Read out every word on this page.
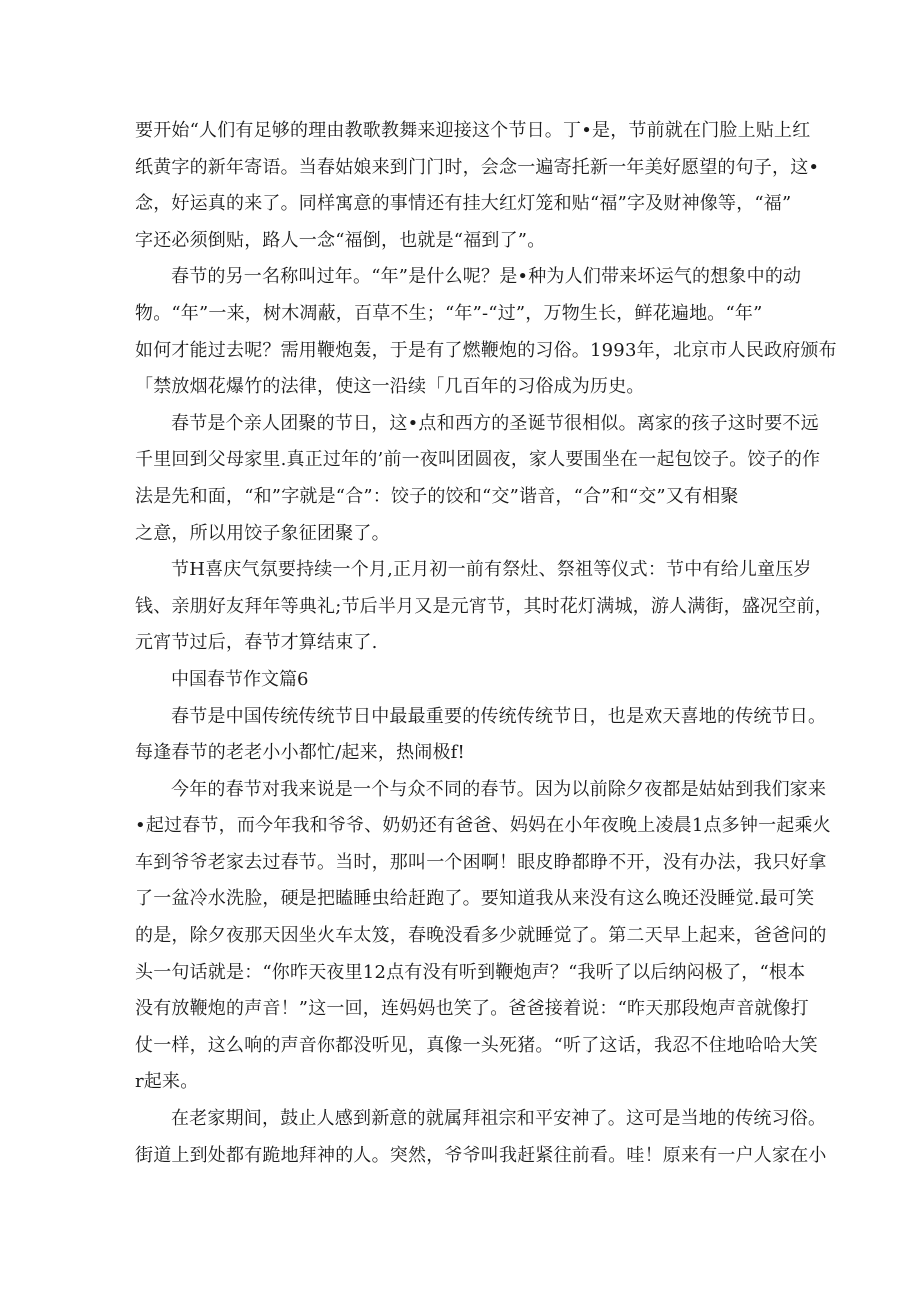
要开始“人们有足够的理由教歌教舞来迎接这个节日。丁•是，节前就在门脸上贴上红
纸黄字的新年寄语。当春姑娘来到门门时，会念一遍寄托新一年美好愿望的句子，这•
念，好运真的来了。同样寓意的事情还有挂大红灯笼和贴“福”字及财神像等，“福”
字还必须倒贴，路人一念“福倒，也就是“福到了”。
春节的另一名称叫过年。“年”是什么呢？是•种为人们带来坏运气的想象中的动
物。“年”一来，树木凋蔽，百草不生；“年”-“过”，万物生长，鲜花遍地。“年”
如何才能过去呢？需用鞭炮轰，于是有了燃鞭炮的习俗。1993年，北京市人民政府颁布
「禁放烟花爆竹的法律，使这一沿续「几百年的习俗成为历史。
春节是个亲人团聚的节日，这•点和西方的圣诞节很相似。离家的孩子这时要不远
千里回到父母家里.真正过年的’前一夜叫团圆夜，家人要围坐在一起包饺子。饺子的作
法是先和面，“和”字就是“合”：饺子的饺和“交”谐音，“合”和“交”又有相聚
之意，所以用饺子象征团聚了。
节H喜庆气氛要持续一个月,正月初一前有祭灶、祭祖等仪式：节中有给儿童压岁
钱、亲朋好友拜年等典礼;节后半月又是元宵节，其时花灯满城，游人满街，盛况空前，
元宵节过后，春节才算结束了.
中国春节作文篇6
春节是中国传统传统节日中最最重要的传统传统节日，也是欢天喜地的传统节日。
每逢春节的老老小小都忙/起来，热闹极f!
今年的春节对我来说是一个与众不同的春节。因为以前除夕夜都是姑姑到我们家来
•起过春节，而今年我和爷爷、奶奶还有爸爸、妈妈在小年夜晚上凌晨1点多钟一起乘火
车到爷爷老家去过春节。当时，那叫一个困啊！眼皮睁都睁不开，没有办法，我只好拿
了一盆冷水洗脸，硬是把瞌睡虫给赶跑了。要知道我从来没有这么晚还没睡觉.最可笑
的是，除夕夜那天因坐火车太笈，春晚没看多少就睡觉了。第二天早上起来，爸爸问的
头一句话就是：“你昨天夜里12点有没有听到鞭炮声？“我听了以后纳闷极了，“根本
没有放鞭炮的声音！”这一回，连妈妈也笑了。爸爸接着说：“昨天那段炮声音就像打
仗一样，这么响的声音你都没听见，真像一头死猪。“听了这话，我忍不住地哈哈大笑
r起来。
在老家期间，鼓止人感到新意的就属拜祖宗和平安神了。这可是当地的传统习俗。
街道上到处都有跪地拜神的人。突然，爷爷叫我赶紧往前看。哇！原来有一户人家在小
